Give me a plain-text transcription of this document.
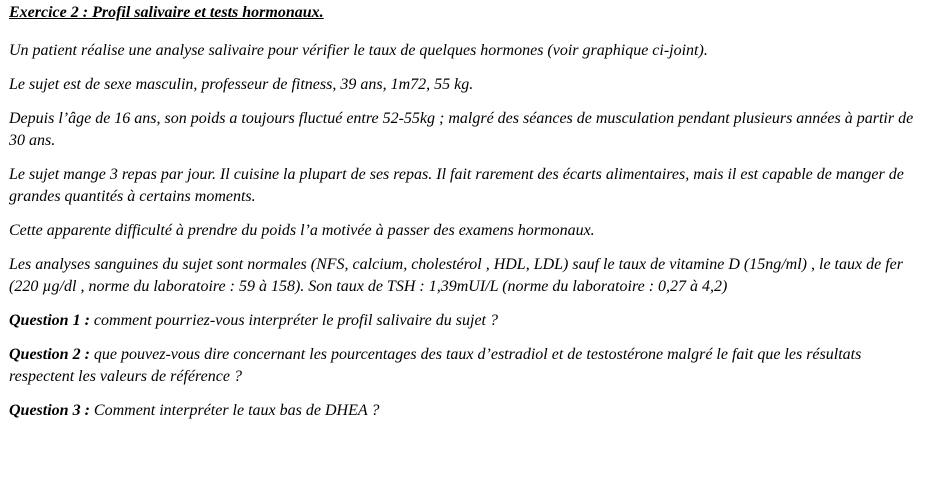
Exercice 2 : Profil salivaire et tests hormonaux.

Un patient réalise une analyse salivaire pour vérifier le taux de quelques hormones (voir graphique ci-joint).

Le sujet est de sexe masculin, professeur de fitness, 39 ans, 1m72, 55 kg.

Depuis l’âge de 16 ans, son poids a toujours fluctué entre 52-55kg ; malgré des séances de musculation pendant plusieurs années à partir de 30 ans.

Le sujet mange 3 repas par jour. Il cuisine la plupart de ses repas. Il fait rarement des écarts alimentaires, mais il est capable de manger de grandes quantités à certains moments.

Cette apparente difficulté à prendre du poids l’a motivée à passer des examens hormonaux.

Les analyses sanguines du sujet sont normales (NFS, calcium, cholestérol , HDL, LDL) sauf le taux de vitamine D (15ng/ml) , le taux de fer (220 µg/dl , norme du laboratoire : 59 à 158). Son taux de TSH : 1,39mUI/L (norme du laboratoire : 0,27 à 4,2)

Question 1 : comment pourriez-vous interpréter le profil salivaire du sujet ?

Question 2 : que pouvez-vous dire concernant les pourcentages des taux d’estradiol et de testostérone malgré le fait que les résultats respectent les valeurs de référence ?

Question 3 : Comment interpréter le taux bas de DHEA ?
